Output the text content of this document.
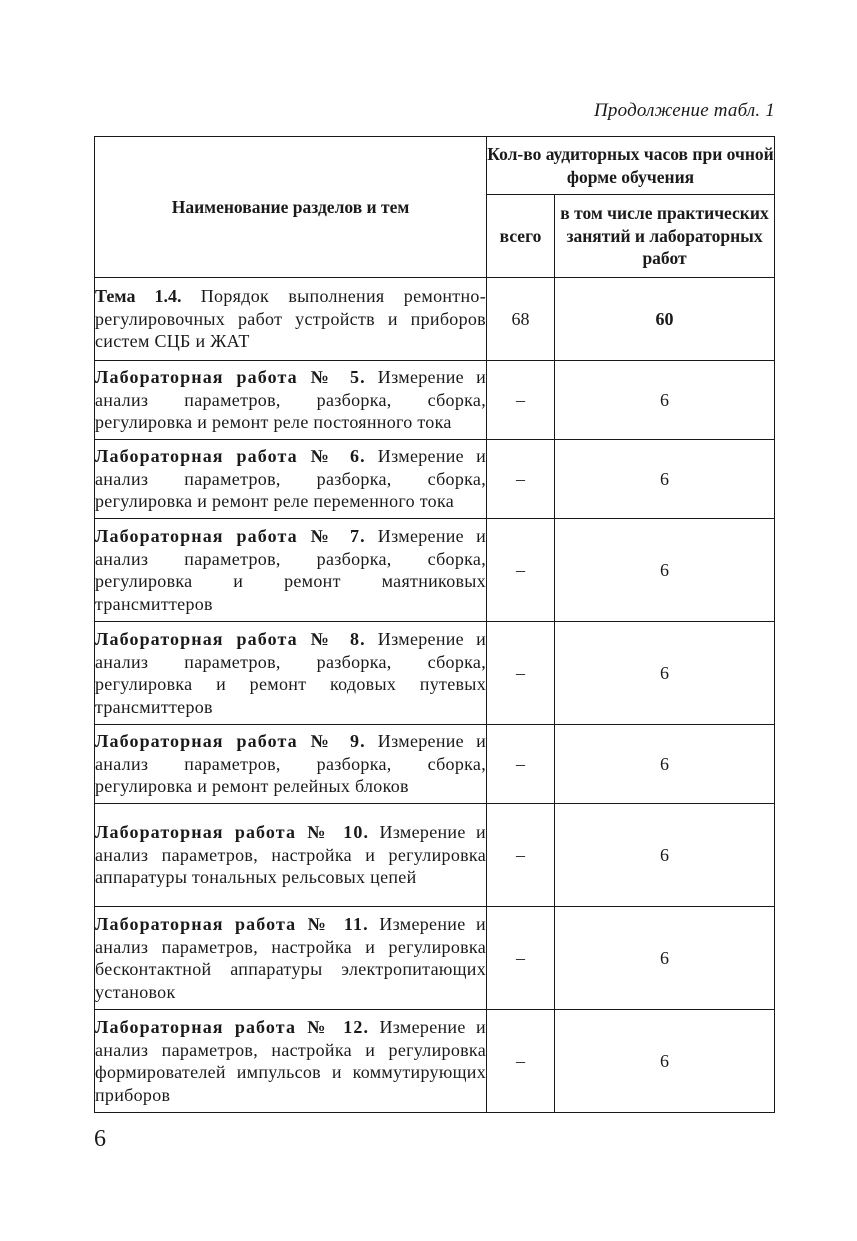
Продолжение табл. 1
Наименование разделов и тем	Кол-во аудиторных часов при очной форме обучения	
	всего	в том числе практических занятий и лабораторных работ
Тема 1.4. Порядок выполнения ремонтно-регулировочных работ устройств и приборов систем СЦБ и ЖАТ	68	60
Лабораторная работа № 5. Измерение и анализ параметров, разборка, сборка, регулировка и ремонт реле постоянного тока	–	6
Лабораторная работа № 6. Измерение и анализ параметров, разборка, сборка, регулировка и ремонт реле переменного тока	–	6
Лабораторная работа № 7. Измерение и анализ параметров, разборка, сборка, регулировка и ремонт маятниковых трансмиттеров	–	6
Лабораторная работа № 8. Измерение и анализ параметров, разборка, сборка, регулировка и ремонт кодовых путевых трансмиттеров	–	6
Лабораторная работа № 9. Измерение и анализ параметров, разборка, сборка, регулировка и ремонт релейных блоков	–	6
Лабораторная работа № 10. Измерение и анализ параметров, настройка и регулировка аппаратуры тональных рельсовых цепей	–	6
Лабораторная работа № 11. Измерение и анализ параметров, настройка и регулировка бесконтактной аппаратуры электропитающих установок	–	6
Лабораторная работа № 12. Измерение и анализ параметров, настройка и регулировка формирователей импульсов и коммутирующих приборов	–	6
6
